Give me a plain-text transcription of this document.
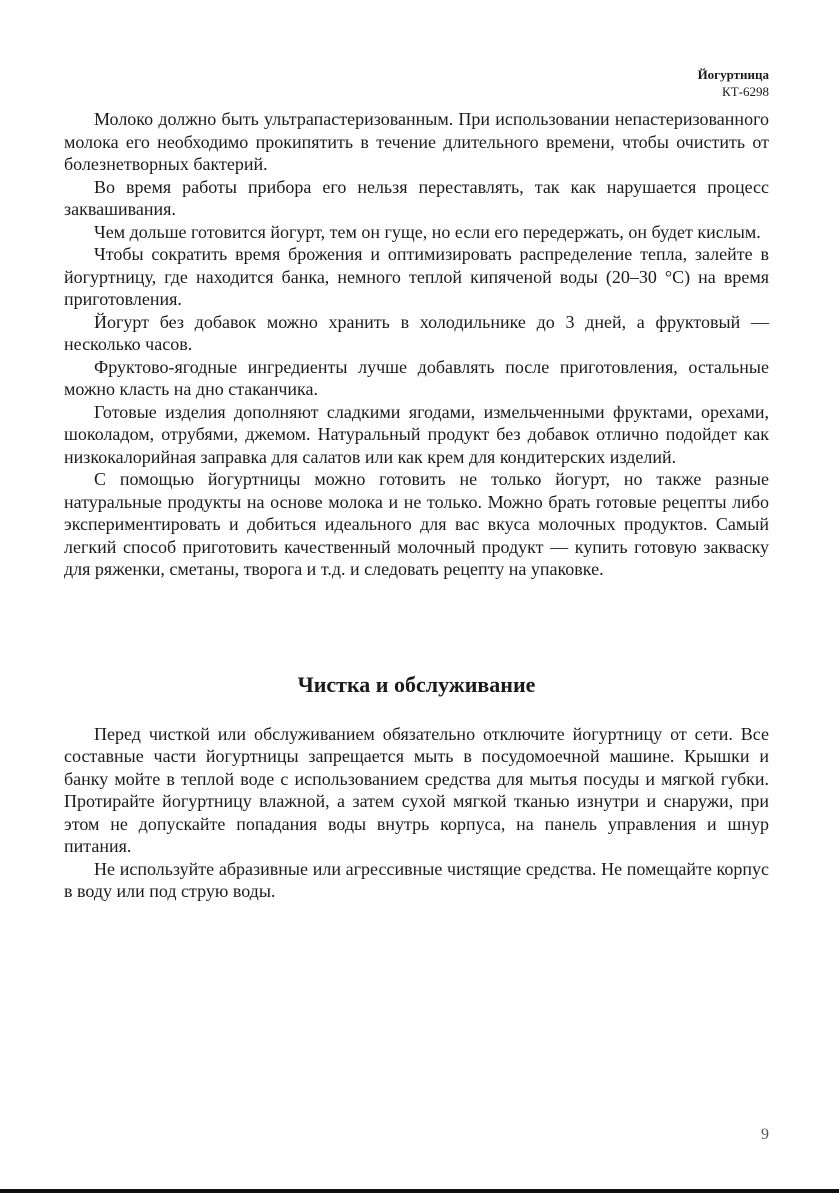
Йогуртница
КТ-6298

Молоко должно быть ультрапастеризованным. При использовании непастеризованного молока его необходимо прокипятить в течение длительного времени, чтобы очистить от болезнетворных бактерий.

Во время работы прибора его нельзя переставлять, так как нарушается процесс заквашивания.

Чем дольше готовится йогурт, тем он гуще, но если его передержать, он будет кислым.

Чтобы сократить время брожения и оптимизировать распределение тепла, залейте в йогуртницу, где находится банка, немного теплой кипяченой воды (20–30 °C) на время приготовления.

Йогурт без добавок можно хранить в холодильнике до 3 дней, а фруктовый — несколько часов.

Фруктово-ягодные ингредиенты лучше добавлять после приготовления, остальные можно класть на дно стаканчика.

Готовые изделия дополняют сладкими ягодами, измельченными фруктами, орехами, шоколадом, отрубями, джемом. Натуральный продукт без добавок отлично подойдет как низкокалорийная заправка для салатов или как крем для кондитерских изделий.

С помощью йогуртницы можно готовить не только йогурт, но также разные натуральные продукты на основе молока и не только. Можно брать готовые рецепты либо экспериментировать и добиться идеального для вас вкуса молочных продуктов. Самый легкий способ приготовить качественный молочный продукт — купить готовую закваску для ряженки, сметаны, творога и т.д. и следовать рецепту на упаковке.

Чистка и обслуживание

Перед чисткой или обслуживанием обязательно отключите йогуртницу от сети. Все составные части йогуртницы запрещается мыть в посудомоечной машине. Крышки и банку мойте в теплой воде с использованием средства для мытья посуды и мягкой губки. Протирайте йогуртницу влажной, а затем сухой мягкой тканью изнутри и снаружи, при этом не допускайте попадания воды внутрь корпуса, на панель управления и шнур питания.

Не используйте абразивные или агрессивные чистящие средства. Не помещайте корпус в воду или под струю воды.

9
